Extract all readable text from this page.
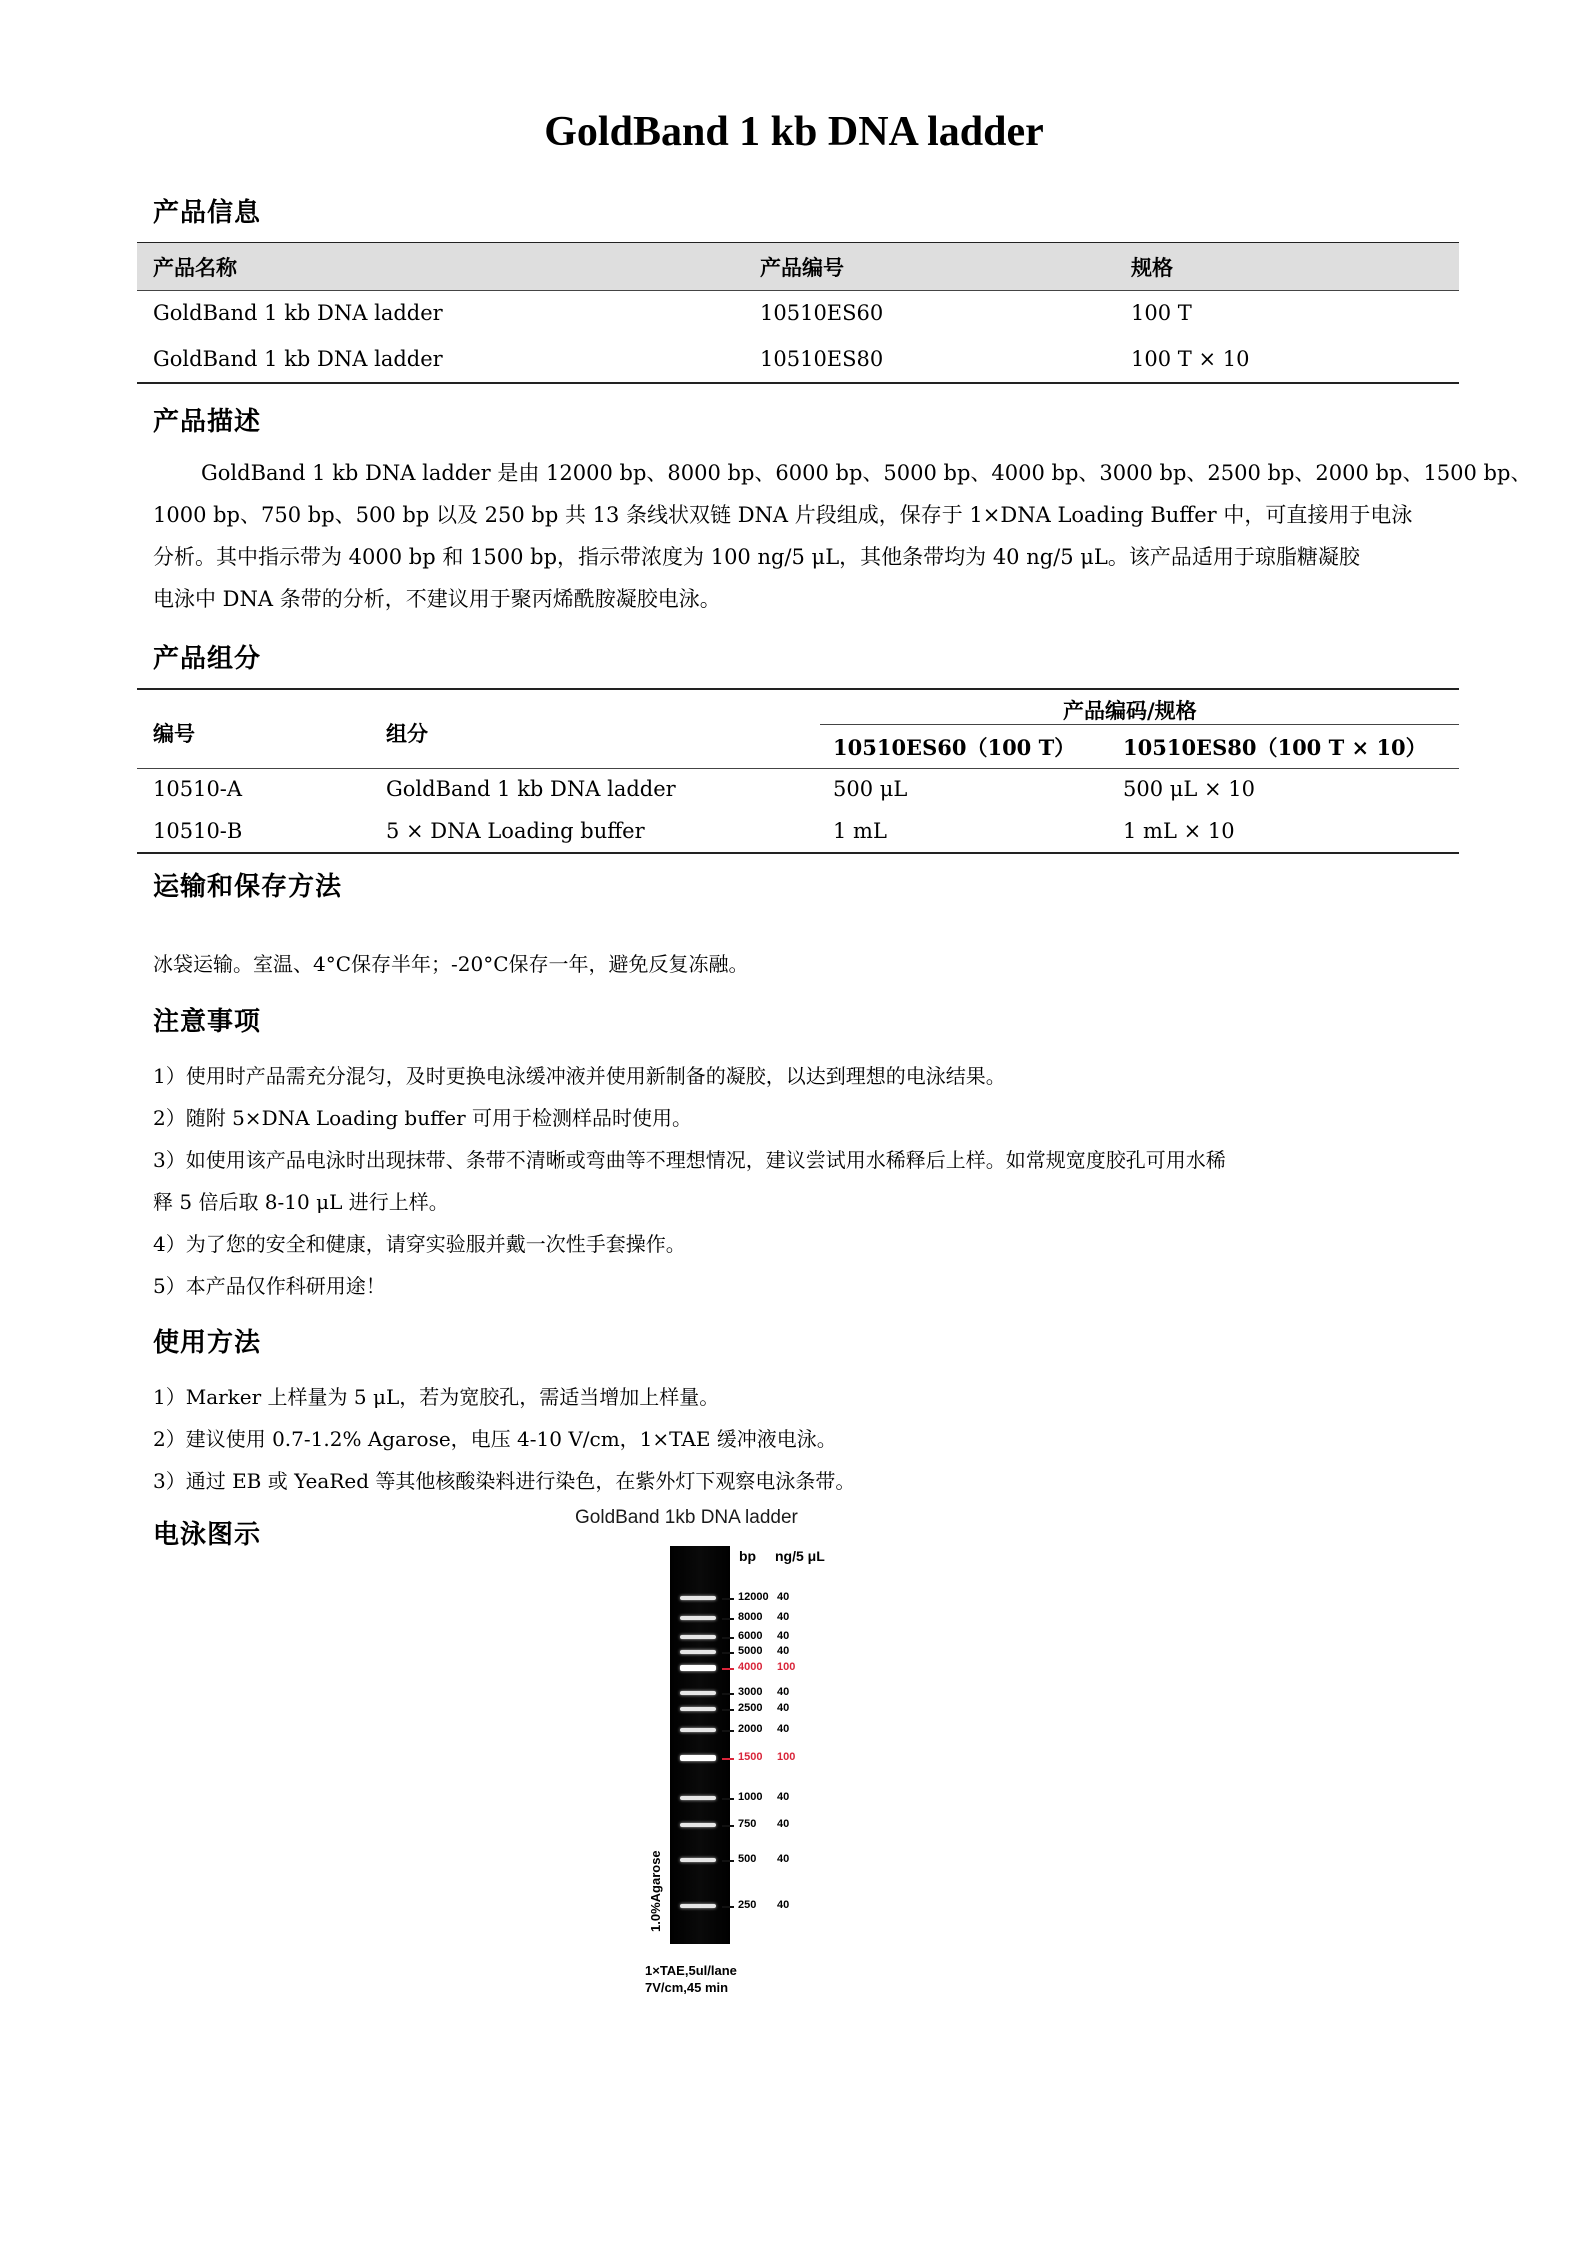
GoldBand 1 kb DNA ladder
产品信息
产品名称	产品编号	规格
GoldBand 1 kb DNA ladder	10510ES60	100 T
GoldBand 1 kb DNA ladder	10510ES80	100 T × 10
产品描述
GoldBand 1 kb DNA ladder 是由 12000 bp、8000 bp、6000 bp、5000 bp、4000 bp、3000 bp、2500 bp、2000 bp、1500 bp、
1000 bp、750 bp、500 bp 以及 250 bp 共 13 条线状双链 DNA 片段组成，保存于 1×DNA Loading Buffer 中，可直接用于电泳
分析。其中指示带为 4000 bp 和 1500 bp，指示带浓度为 100 ng/5 μL，其他条带均为 40 ng/5 μL。该产品适用于琼脂糖凝胶
电泳中 DNA 条带的分析，不建议用于聚丙烯酰胺凝胶电泳。
产品组分
产品编码/规格
编号	组分
10510ES60（100 T） 10510ES80（100 T × 10）
10510-A	GoldBand 1 kb DNA ladder	500 μL	500 μL × 10
10510-B	5 × DNA Loading buffer	1 mL	1 mL × 10
运输和保存方法
冰袋运输。室温、4°C保存半年；-20°C保存一年，避免反复冻融。
注意事项
1）使用时产品需充分混匀，及时更换电泳缓冲液并使用新制备的凝胶，以达到理想的电泳结果。
2）随附 5×DNA Loading buffer 可用于检测样品时使用。
3）如使用该产品电泳时出现抹带、条带不清晰或弯曲等不理想情况，建议尝试用水稀释后上样。如常规宽度胶孔可用水稀
释 5 倍后取 8-10 μL 进行上样。
4）为了您的安全和健康，请穿实验服并戴一次性手套操作。
5）本产品仅作科研用途！
使用方法
1）Marker 上样量为 5 μL，若为宽胶孔，需适当增加上样量。
2）建议使用 0.7-1.2% Agarose，电压 4-10 V/cm，1×TAE 缓冲液电泳。
3）通过 EB 或 YeaRed 等其他核酸染料进行染色，在紫外灯下观察电泳条带。
电泳图示
GoldBand 1kb DNA ladder
12000 40
8000 40
6000 40
5000 40
4000 100
3000 40
2500 40
2000 40
1500 100
1000 40
750 40
500 40
250 40
bp ng/5 μL
1.0%Agarose
1×TAE,5ul/lane
7V/cm,45 min
